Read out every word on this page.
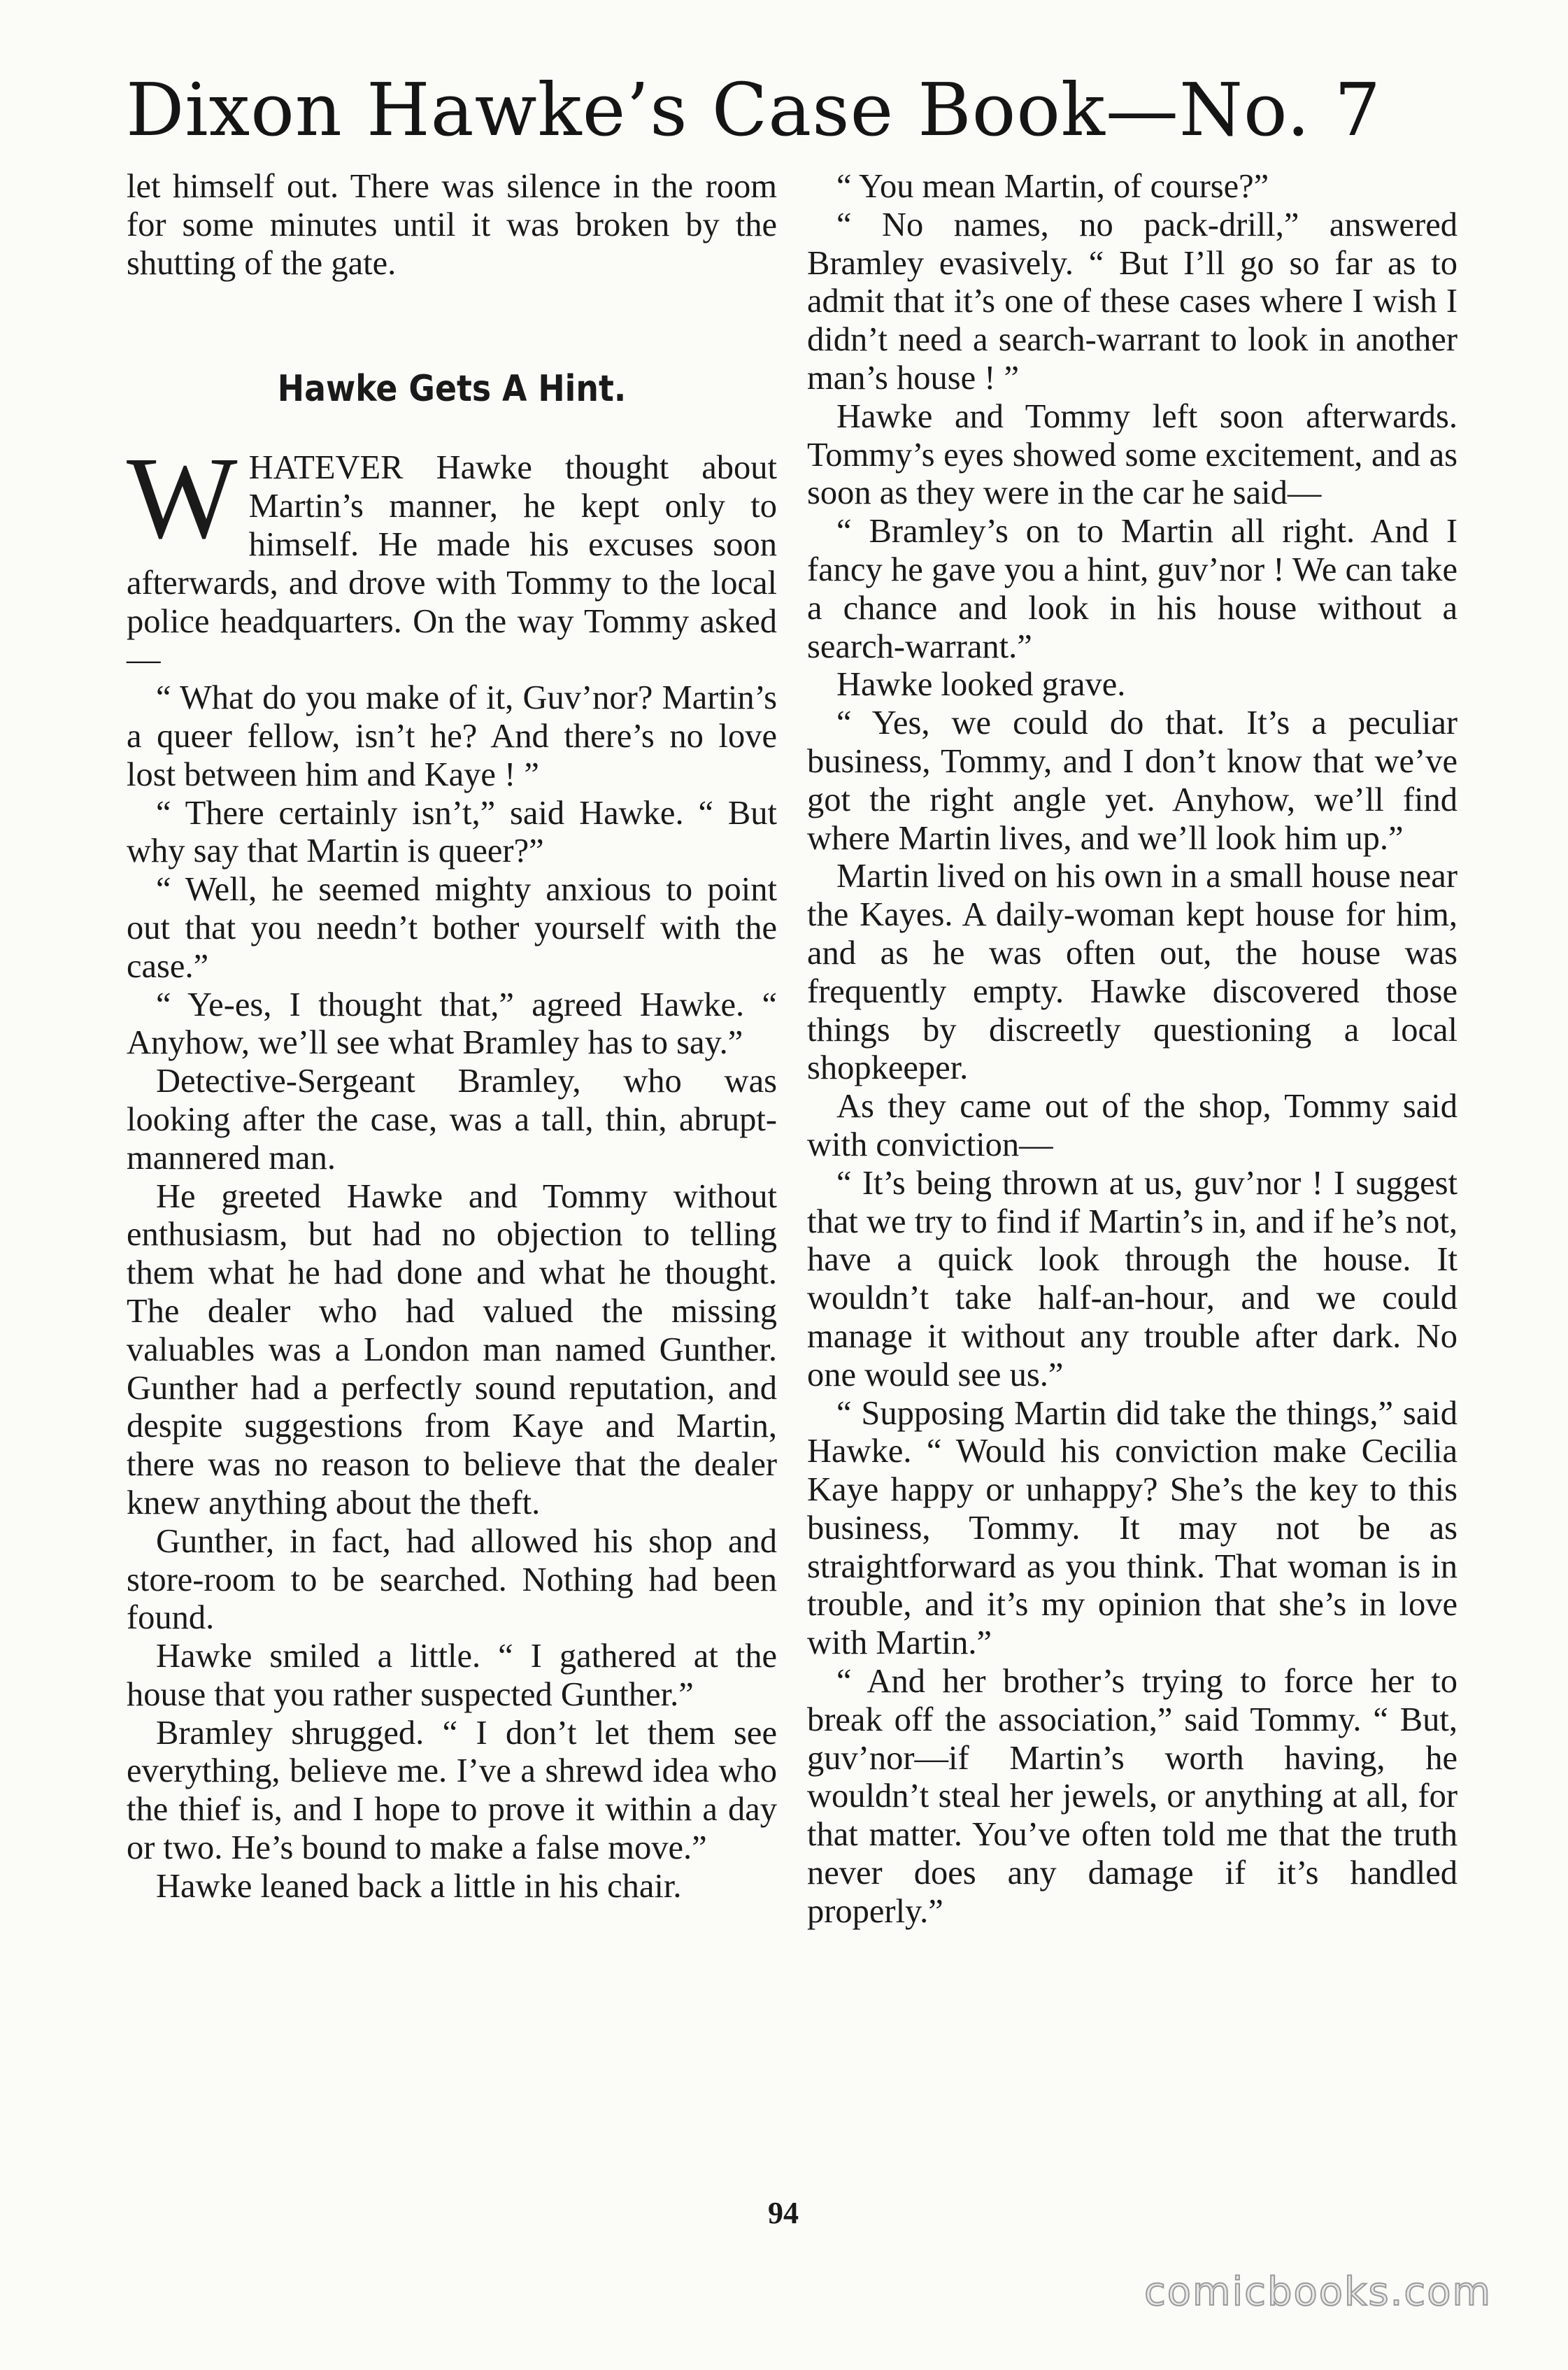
Dixon Hawke’s Case Book—No. 7

let himself out. There was silence in the room for some minutes until it was broken by the shutting of the gate.

Hawke Gets A Hint.

WHATEVER Hawke thought about Martin’s manner, he kept only to himself. He made his excuses soon afterwards, and drove with Tommy to the local police headquarters. On the way Tommy asked—

“ What do you make of it, Guv’nor? Martin’s a queer fellow, isn’t he? And there’s no love lost between him and Kaye ! ”

“ There certainly isn’t,” said Hawke. “ But why say that Martin is queer?”

“ Well, he seemed mighty anxious to point out that you needn’t bother yourself with the case.”

“ Ye-es, I thought that,” agreed Hawke. “ Anyhow, we’ll see what Bramley has to say.”

Detective-Sergeant Bramley, who was looking after the case, was a tall, thin, abrupt-mannered man.

He greeted Hawke and Tommy without enthusiasm, but had no objection to telling them what he had done and what he thought. The dealer who had valued the missing valuables was a London man named Gunther. Gunther had a perfectly sound reputation, and despite suggestions from Kaye and Martin, there was no reason to believe that the dealer knew anything about the theft.

Gunther, in fact, had allowed his shop and store-room to be searched. Nothing had been found.

Hawke smiled a little. “ I gathered at the house that you rather suspected Gunther.”

Bramley shrugged. “ I don’t let them see everything, believe me. I’ve a shrewd idea who the thief is, and I hope to prove it within a day or two. He’s bound to make a false move.”

Hawke leaned back a little in his chair.

“ You mean Martin, of course?”

“ No names, no pack-drill,” answered Bramley evasively. “ But I’ll go so far as to admit that it’s one of these cases where I wish I didn’t need a search-warrant to look in another man’s house ! ”

Hawke and Tommy left soon afterwards. Tommy’s eyes showed some excitement, and as soon as they were in the car he said—

“ Bramley’s on to Martin all right. And I fancy he gave you a hint, guv’nor ! We can take a chance and look in his house without a search-warrant.”

Hawke looked grave.

“ Yes, we could do that. It’s a peculiar business, Tommy, and I don’t know that we’ve got the right angle yet. Anyhow, we’ll find where Martin lives, and we’ll look him up.”

Martin lived on his own in a small house near the Kayes. A daily-woman kept house for him, and as he was often out, the house was frequently empty. Hawke discovered those things by discreetly questioning a local shopkeeper.

As they came out of the shop, Tommy said with conviction—

“ It’s being thrown at us, guv’nor ! I suggest that we try to find if Martin’s in, and if he’s not, have a quick look through the house. It wouldn’t take half-an-hour, and we could manage it without any trouble after dark. No one would see us.”

“ Supposing Martin did take the things,” said Hawke. “ Would his conviction make Cecilia Kaye happy or unhappy? She’s the key to this business, Tommy. It may not be as straightforward as you think. That woman is in trouble, and it’s my opinion that she’s in love with Martin.”

“ And her brother’s trying to force her to break off the association,” said Tommy. “ But, guv’nor—if Martin’s worth having, he wouldn’t steal her jewels, or anything at all, for that matter. You’ve often told me that the truth never does any damage if it’s handled properly.”

94
comicbooks.com
